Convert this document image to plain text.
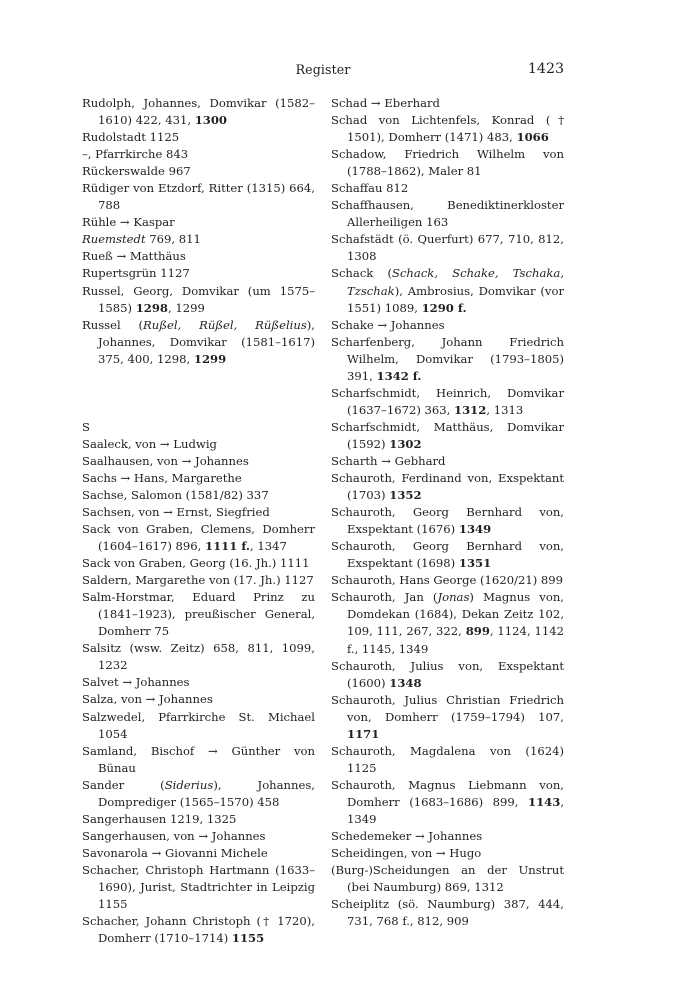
Register	1423
Rudolph, Johannes, Domvikar (1582–1610) 422, 431, 1300
Rudolstadt 1125
–, Pfarrkirche 843
Rückerswalde 967
Rüdiger von Etzdorf, Ritter (1315) 664, 788
Rühle → Kaspar
Ruemstedt 769, 811
Rueß → Matthäus
Rupertsgrün 1127
Russel, Georg, Domvikar (um 1575–1585) 1298, 1299
Russel (Rußel, Rüßel, Rüßelius), Johannes, Domvikar (1581–1617) 375, 400, 1298, 1299
S
Saaleck, von → Ludwig
Saalhausen, von → Johannes
Sachs → Hans, Margarethe
Sachse, Salomon (1581/82) 337
Sachsen, von → Ernst, Siegfried
Sack von Graben, Clemens, Domherr (1604–1617) 896, 1111 f., 1347
Sack von Graben, Georg (16. Jh.) 1111
Saldern, Margarethe von (17. Jh.) 1127
Salm-Horstmar, Eduard Prinz zu (1841–1923), preußischer General, Domherr 75
Salsitz (wsw. Zeitz) 658, 811, 1099, 1232
Salvet → Johannes
Salza, von → Johannes
Salzwedel, Pfarrkirche St. Michael 1054
Samland, Bischof → Günther von Bünau
Sander (Siderius), Johannes, Domprediger (1565–1570) 458
Sangerhausen 1219, 1325
Sangerhausen, von → Johannes
Savonarola → Giovanni Michele
Schacher, Christoph Hartmann (1633–1690), Jurist, Stadtrichter in Leipzig 1155
Schacher, Johann Christoph († 1720), Domherr (1710–1714) 1155
Schad → Eberhard
Schad von Lichtenfels, Konrad († 1501), Domherr (1471) 483, 1066
Schadow, Friedrich Wilhelm von (1788–1862), Maler 81
Schaffau 812
Schaffhausen, Benediktinerkloster Allerheiligen 163
Schafstädt (ö. Querfurt) 677, 710, 812, 1308
Schack (Schack, Schake, Tschaka, Tzschak), Ambrosius, Domvikar (vor 1551) 1089, 1290 f.
Schake → Johannes
Scharfenberg, Johann Friedrich Wilhelm, Domvikar (1793–1805) 391, 1342 f.
Scharfschmidt, Heinrich, Domvikar (1637–1672) 363, 1312, 1313
Scharfschmidt, Matthäus, Domvikar (1592) 1302
Scharth → Gebhard
Schauroth, Ferdinand von, Exspektant (1703) 1352
Schauroth, Georg Bernhard von, Exspektant (1676) 1349
Schauroth, Georg Bernhard von, Exspektant (1698) 1351
Schauroth, Hans George (1620/21) 899
Schauroth, Jan (Jonas) Magnus von, Domdekan (1684), Dekan Zeitz 102, 109, 111, 267, 322, 899, 1124, 1142 f., 1145, 1349
Schauroth, Julius von, Exspektant (1600) 1348
Schauroth, Julius Christian Friedrich von, Domherr (1759–1794) 107, 1171
Schauroth, Magdalena von (1624) 1125
Schauroth, Magnus Liebmann von, Domherr (1683–1686) 899, 1143, 1349
Schedemeker → Johannes
Scheidingen, von → Hugo
(Burg-)Scheidungen an der Unstrut (bei Naumburg) 869, 1312
Scheiplitz (sö. Naumburg) 387, 444, 731, 768 f., 812, 909
